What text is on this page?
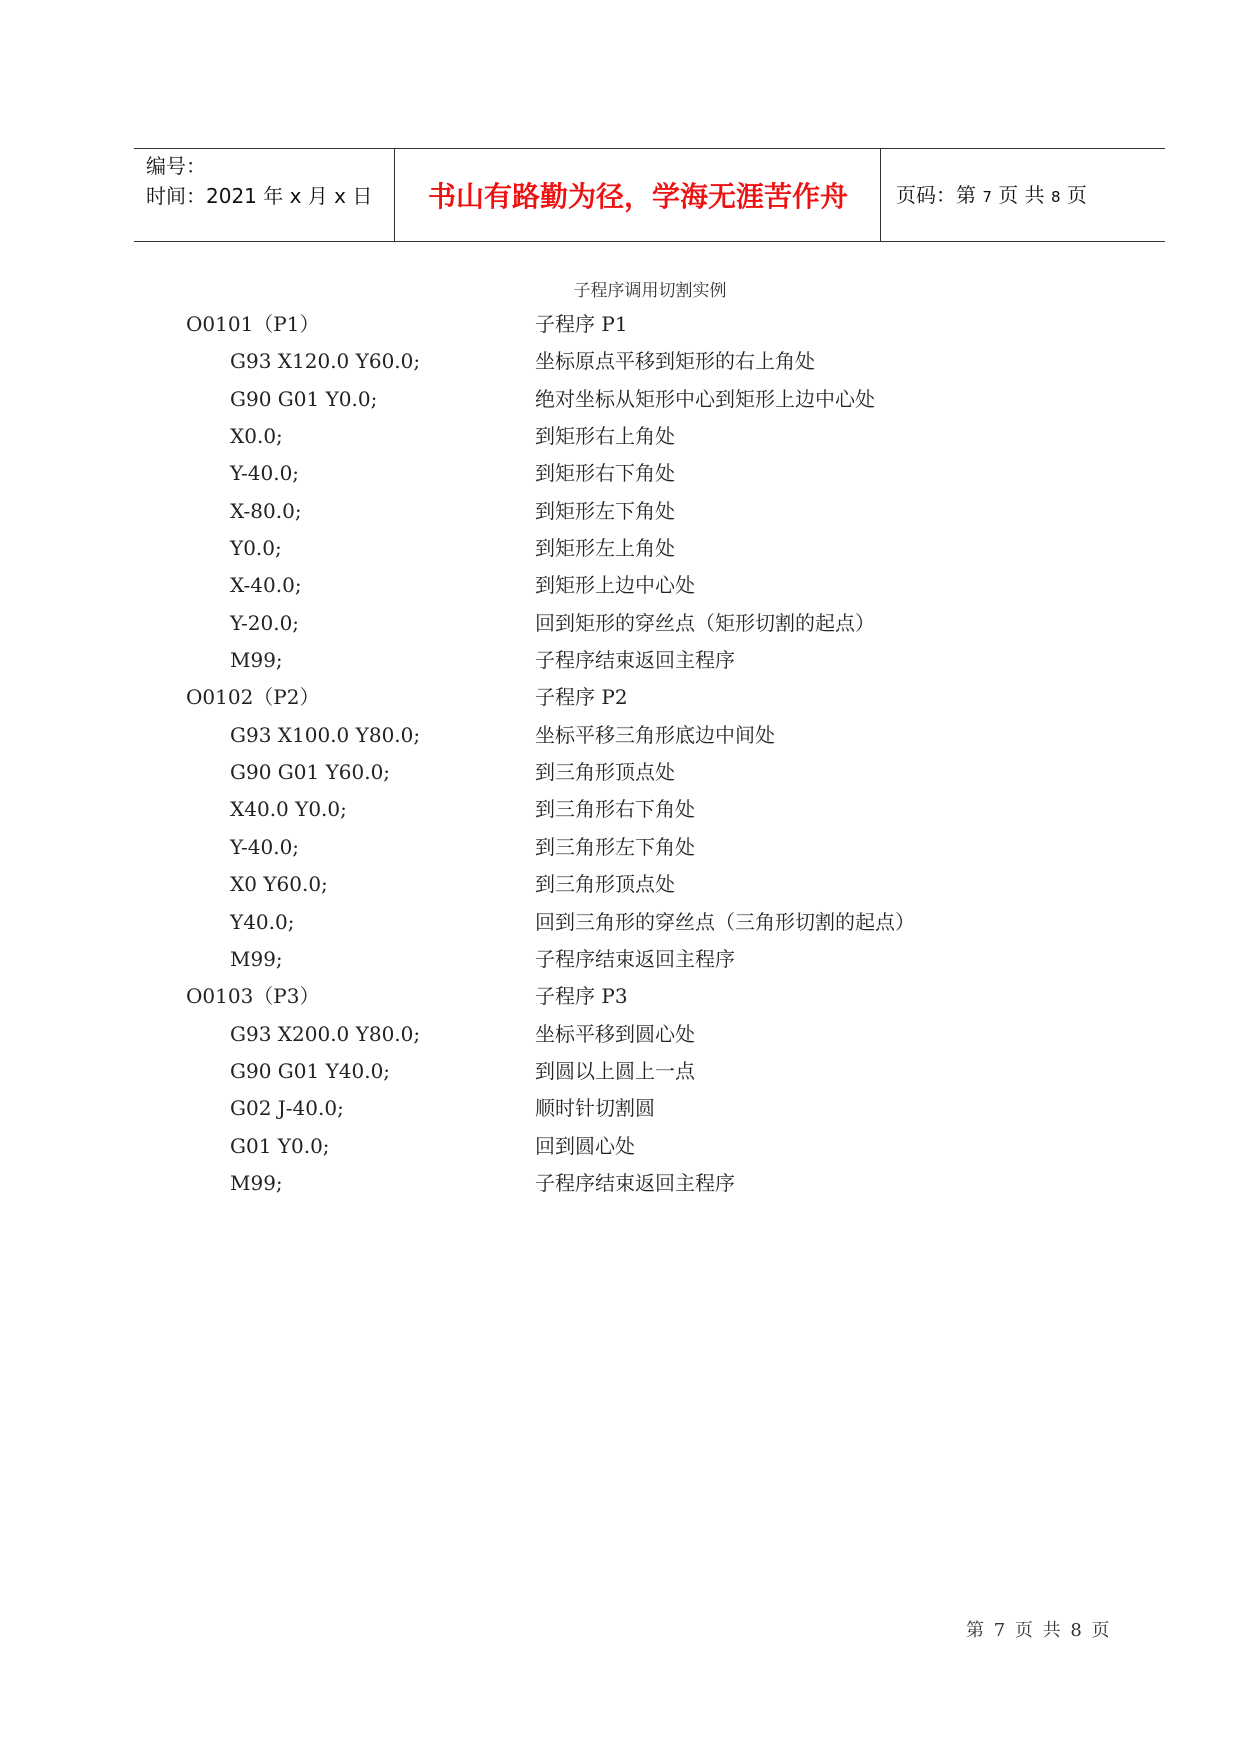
编号：
时间：2021 年 x 月 x 日	书山有路勤为径，学海无涯苦作舟	页码：第 7 页 共 8 页
子程序调用切割实例
O0101（P1）	子程序 P1
G93 X120.0 Y60.0;	坐标原点平移到矩形的右上角处
G90 G01 Y0.0;	绝对坐标从矩形中心到矩形上边中心处
X0.0;	到矩形右上角处
Y-40.0;	到矩形右下角处
X-80.0;	到矩形左下角处
Y0.0;	到矩形左上角处
X-40.0;	到矩形上边中心处
Y-20.0;	回到矩形的穿丝点（矩形切割的起点）
M99;	子程序结束返回主程序
O0102（P2）	子程序 P2
G93 X100.0 Y80.0;	坐标平移三角形底边中间处
G90 G01 Y60.0;	到三角形顶点处
X40.0 Y0.0;	到三角形右下角处
Y-40.0;	到三角形左下角处
X0 Y60.0;	到三角形顶点处
Y40.0;	回到三角形的穿丝点（三角形切割的起点）
M99;	子程序结束返回主程序
O0103（P3）	子程序 P3
G93 X200.0 Y80.0;	坐标平移到圆心处
G90 G01 Y40.0;	到圆以上圆上一点
G02 J-40.0;	顺时针切割圆
G01 Y0.0;	回到圆心处
M99;	子程序结束返回主程序
第 7 页 共 8 页
